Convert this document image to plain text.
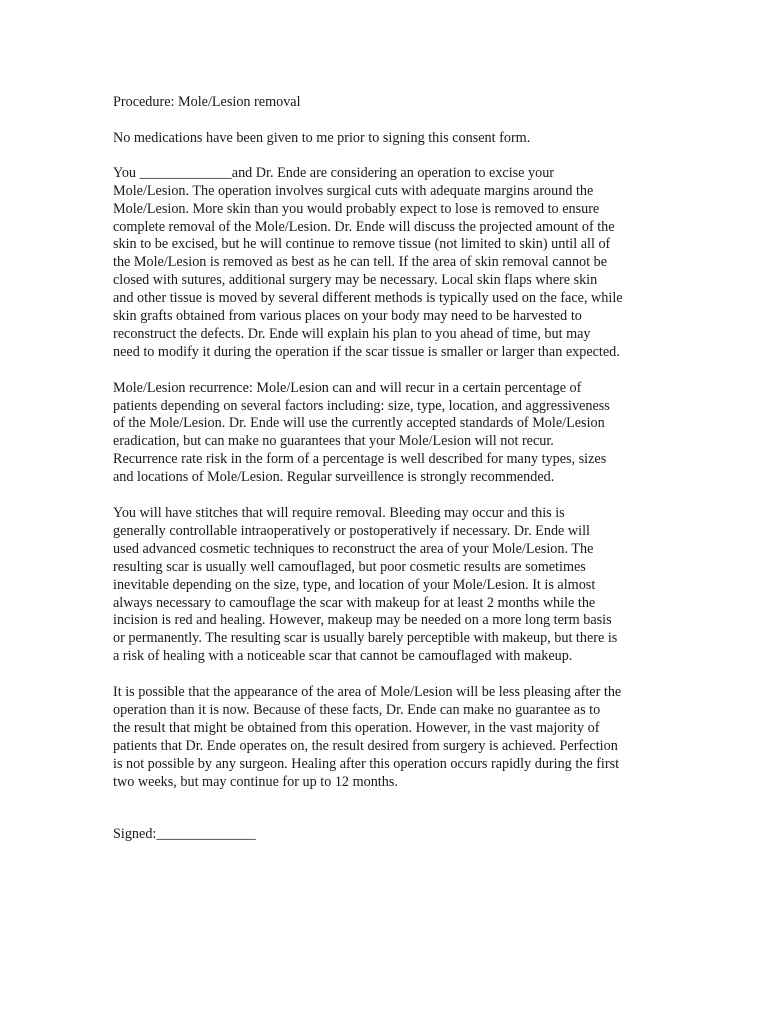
Procedure: Mole/Lesion removal

No medications have been given to me prior to signing this consent form.

You _____________and Dr. Ende are considering an operation to excise your
Mole/Lesion. The operation involves surgical cuts with adequate margins around the
Mole/Lesion. More skin than you would probably expect to lose is removed to ensure
complete removal of the Mole/Lesion. Dr. Ende will discuss the projected amount of the
skin to be excised, but he will continue to remove tissue (not limited to skin) until all of
the Mole/Lesion is removed as best as he can tell. If the area of skin removal cannot be
closed with sutures, additional surgery may be necessary. Local skin flaps where skin
and other tissue is moved by several different methods is typically used on the face, while
skin grafts obtained from various places on your body may need to be harvested to
reconstruct the defects. Dr. Ende will explain his plan to you ahead of time, but may
need to modify it during the operation if the scar tissue is smaller or larger than expected.

Mole/Lesion recurrence: Mole/Lesion can and will recur in a certain percentage of
patients depending on several factors including: size, type, location, and aggressiveness
of the Mole/Lesion. Dr. Ende will use the currently accepted standards of Mole/Lesion
eradication, but can make no guarantees that your Mole/Lesion will not recur.
Recurrence rate risk in the form of a percentage is well described for many types, sizes
and locations of Mole/Lesion. Regular surveillence is strongly recommended.

You will have stitches that will require removal. Bleeding may occur and this is
generally controllable intraoperatively or postoperatively if necessary. Dr. Ende will
used advanced cosmetic techniques to reconstruct the area of your Mole/Lesion. The
resulting scar is usually well camouflaged, but poor cosmetic results are sometimes
inevitable depending on the size, type, and location of your Mole/Lesion. It is almost
always necessary to camouflage the scar with makeup for at least 2 months while the
incision is red and healing. However, makeup may be needed on a more long term basis
or permanently. The resulting scar is usually barely perceptible with makeup, but there is
a risk of healing with a noticeable scar that cannot be camouflaged with makeup.

It is possible that the appearance of the area of Mole/Lesion will be less pleasing after the
operation than it is now. Because of these facts, Dr. Ende can make no guarantee as to
the result that might be obtained from this operation. However, in the vast majority of
patients that Dr. Ende operates on, the result desired from surgery is achieved. Perfection
is not possible by any surgeon. Healing after this operation occurs rapidly during the first
two weeks, but may continue for up to 12 months.

Signed:______________
